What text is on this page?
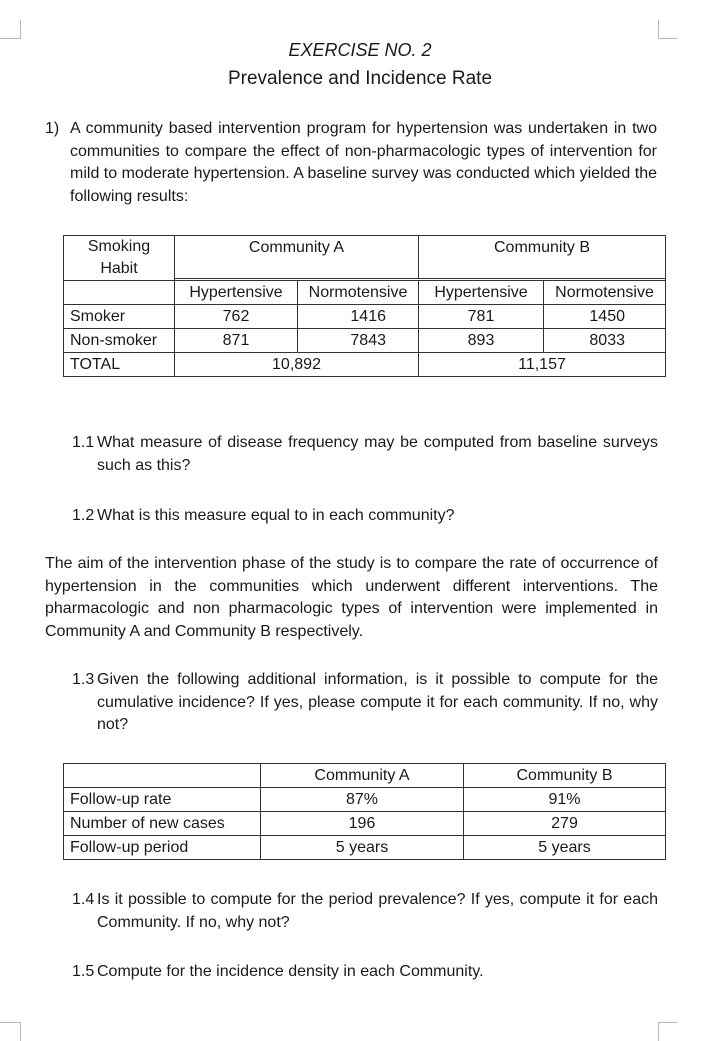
EXERCISE NO. 2
Prevalence and Incidence Rate
1) A community based intervention program for hypertension was undertaken in two communities to compare the effect of non-pharmacologic types of intervention for mild to moderate hypertension. A baseline survey was conducted which yielded the following results:
Smoking Habit	Community A		Community B	

	Hypertensive	Normotensive	Hypertensive	Normotensive
Smoker	762	1416	781	1450
Non-smoker	871	7843	893	8033
TOTAL	10,892		11,157	
1.1 What measure of disease frequency may be computed from baseline surveys such as this?
1.2 What is this measure equal to in each community?
The aim of the intervention phase of the study is to compare the rate of occurrence of hypertension in the communities which underwent different interventions. The pharmacologic and non pharmacologic types of intervention were implemented in Community A and Community B respectively.
1.3 Given the following additional information, is it possible to compute for the cumulative incidence? If yes, please compute it for each community. If no, why not?
	Community A	Community B
Follow-up rate	87%	91%
Number of new cases	196	279
Follow-up period	5 years	5 years
1.4 Is it possible to compute for the period prevalence? If yes, compute it for each Community. If no, why not?
1.5 Compute for the incidence density in each Community.
